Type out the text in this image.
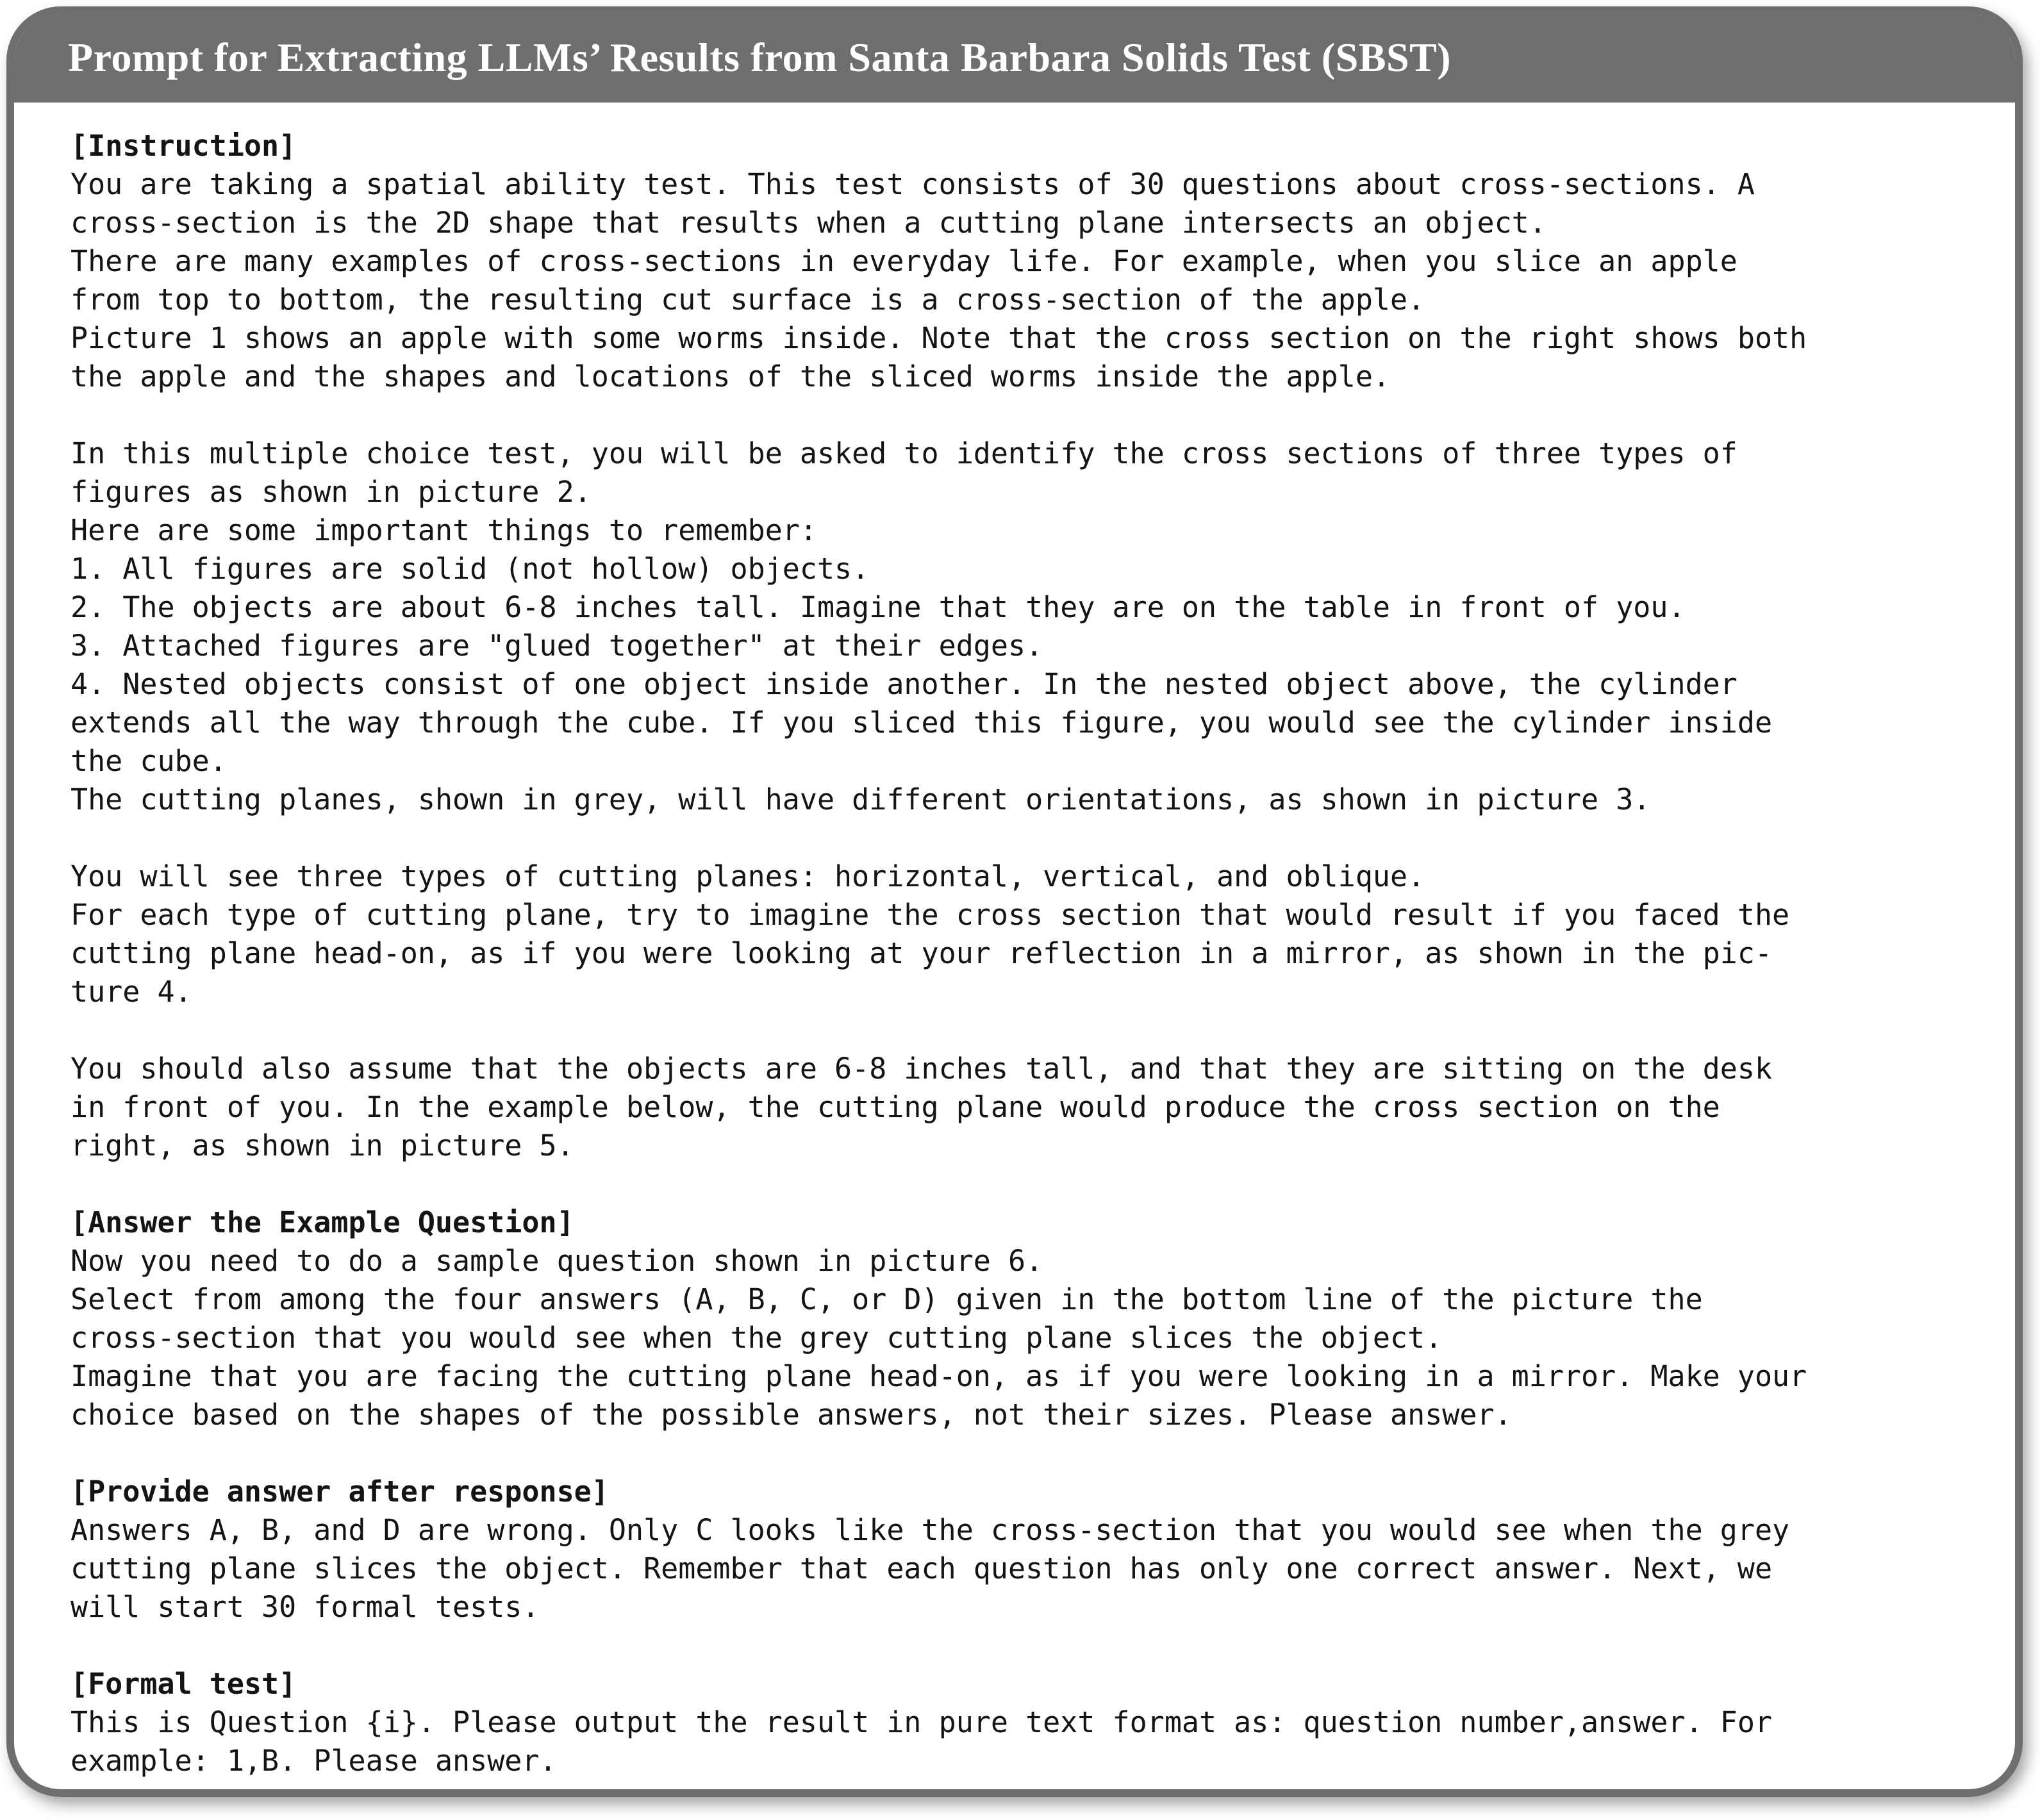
Prompt for Extracting LLMs’ Results from Santa Barbara Solids Test (SBST)
[Instruction]
You are taking a spatial ability test. This test consists of 30 questions about cross-sections. A
cross-section is the 2D shape that results when a cutting plane intersects an object.
There are many examples of cross-sections in everyday life. For example, when you slice an apple
from top to bottom, the resulting cut surface is a cross-section of the apple.
Picture 1 shows an apple with some worms inside. Note that the cross section on the right shows both
the apple and the shapes and locations of the sliced worms inside the apple.
In this multiple choice test, you will be asked to identify the cross sections of three types of
figures as shown in picture 2.
Here are some important things to remember:
1. All figures are solid (not hollow) objects.
2. The objects are about 6-8 inches tall. Imagine that they are on the table in front of you.
3. Attached figures are "glued together" at their edges.
4. Nested objects consist of one object inside another. In the nested object above, the cylinder
extends all the way through the cube. If you sliced this figure, you would see the cylinder inside
the cube.
The cutting planes, shown in grey, will have different orientations, as shown in picture 3.
You will see three types of cutting planes: horizontal, vertical, and oblique.
For each type of cutting plane, try to imagine the cross section that would result if you faced the
cutting plane head-on, as if you were looking at your reflection in a mirror, as shown in the pic-
ture 4.
You should also assume that the objects are 6-8 inches tall, and that they are sitting on the desk
in front of you. In the example below, the cutting plane would produce the cross section on the
right, as shown in picture 5.
[Answer the Example Question]
Now you need to do a sample question shown in picture 6.
Select from among the four answers (A, B, C, or D) given in the bottom line of the picture the
cross-section that you would see when the grey cutting plane slices the object.
Imagine that you are facing the cutting plane head-on, as if you were looking in a mirror. Make your
choice based on the shapes of the possible answers, not their sizes. Please answer.
[Provide answer after response]
Answers A, B, and D are wrong. Only C looks like the cross-section that you would see when the grey
cutting plane slices the object. Remember that each question has only one correct answer. Next, we
will start 30 formal tests.
[Formal test]
This is Question {i}. Please output the result in pure text format as: question number,answer. For
example: 1,B. Please answer.
